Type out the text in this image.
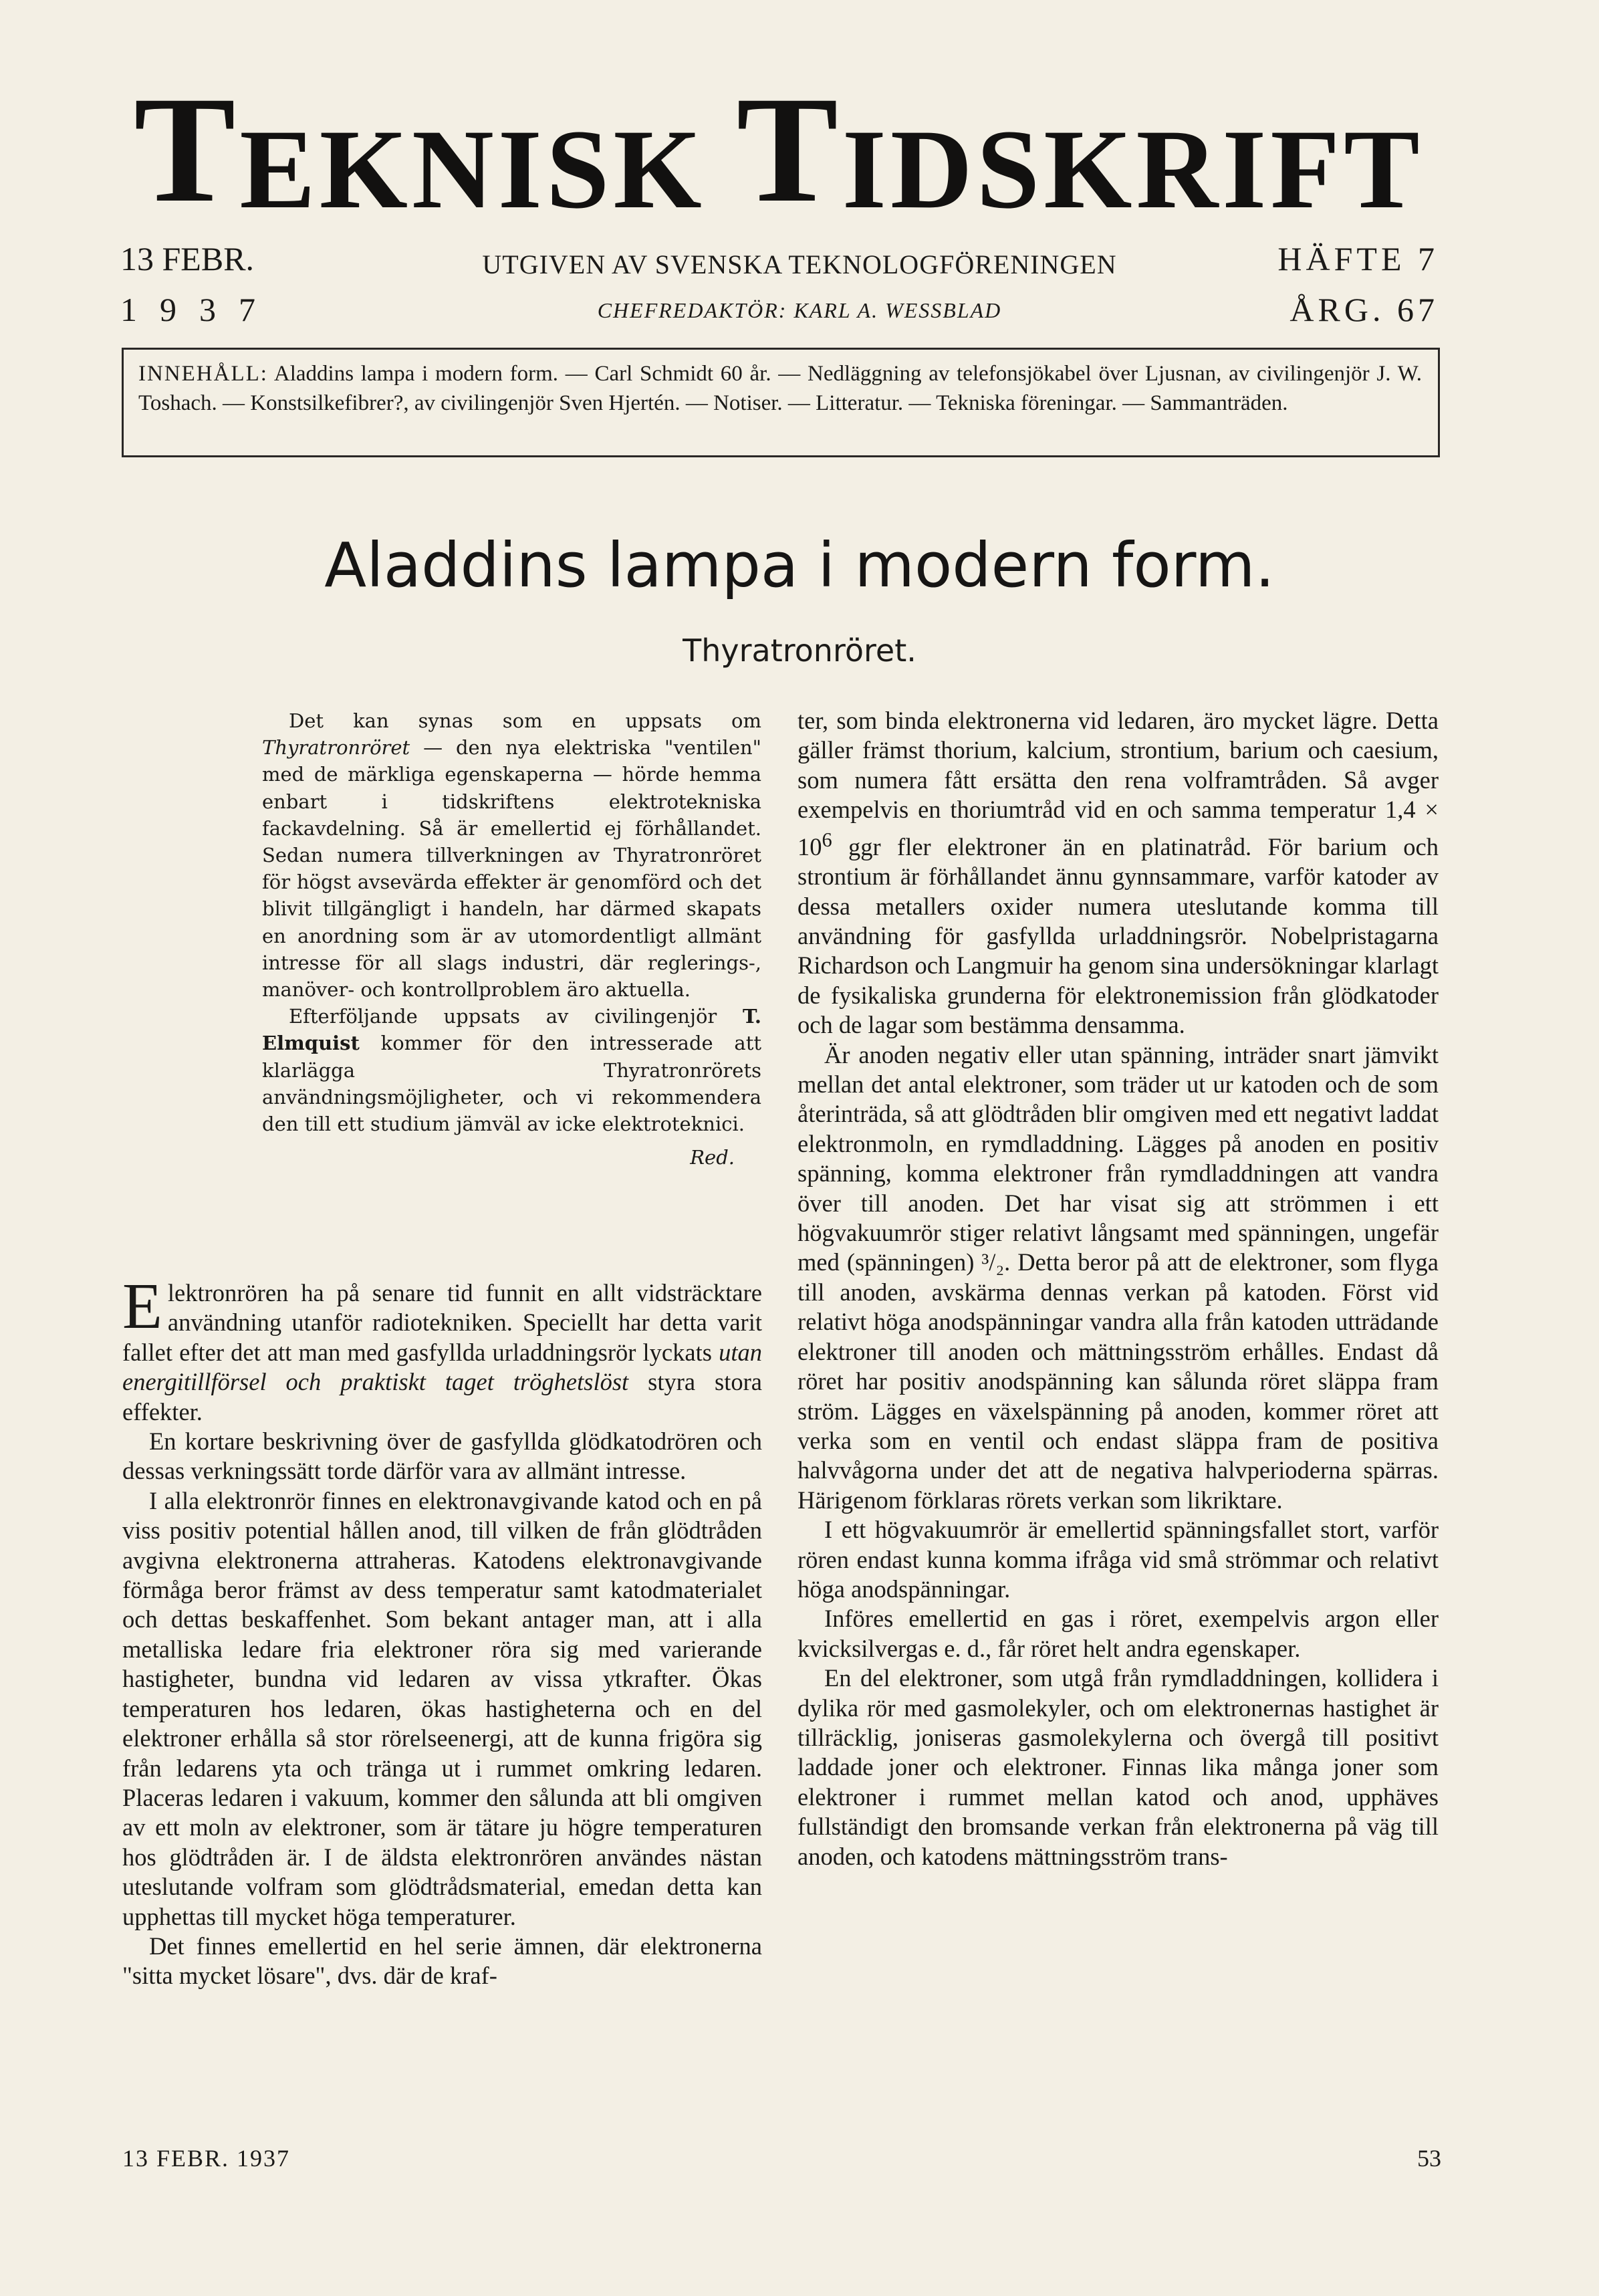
T EKNISK T IDSKRIFT
13 FEBR.
1937
UTGIVEN AV SVENSKA TEKNOLOGFÖRENINGEN
CHEFREDAKTÖR: KARL A. WESSBLAD
HÄFTE 7
ÅRG. 67
INNEHÅLL: Aladdins lampa i modern form. — Carl Schmidt 60 år. — Nedläggning av telefonsjökabel över Ljusnan, av civilingenjör J. W. Toshach. — Konstsilkefibrer?, av civilingenjör Sven Hjertén. — Notiser. — Litteratur. — Tekniska föreningar. — Sammanträden.
Aladdins lampa i modern form.
Thyratronröret.

Det kan synas som en uppsats om Thyratronröret — den nya elektriska "ventilen" med de märkliga egenskaperna — hörde hemma enbart i tidskriftens elektrotekniska fackavdelning. Så är emellertid ej förhållandet. Sedan numera tillverkningen av Thyratronröret för högst avsevärda effekter är genomförd och det blivit tillgängligt i handeln, har därmed skapats en anordning som är av utomordentligt allmänt intresse för all slags industri, där reglerings-, manöver- och kontrollproblem äro aktuella.

Efterföljande uppsats av civilingenjör T. Elmquist kommer för den intresserade att klarlägga Thyratronrörets användningsmöjligheter, och vi rekommendera den till ett studium jämväl av icke elektroteknici.

Red.

Elektronrören ha på senare tid funnit en allt vidsträcktare användning utanför radiotekniken. Speciellt har detta varit fallet efter det att man med gasfyllda urladdningsrör lyckats utan energitillförsel och praktiskt taget tröghetslöst styra stora effekter.

En kortare beskrivning över de gasfyllda glödkatodrören och dessas verkningssätt torde därför vara av allmänt intresse.

I alla elektronrör finnes en elektronavgivande katod och en på viss positiv potential hållen anod, till vilken de från glödtråden avgivna elektronerna attraheras. Katodens elektronavgivande förmåga beror främst av dess temperatur samt katodmaterialet och dettas beskaffenhet. Som bekant antager man, att i alla metalliska ledare fria elektroner röra sig med varierande hastigheter, bundna vid ledaren av vissa ytkrafter. Ökas temperaturen hos ledaren, ökas hastigheterna och en del elektroner erhålla så stor rörelseenergi, att de kunna frigöra sig från ledarens yta och tränga ut i rummet omkring ledaren. Placeras ledaren i vakuum, kommer den sålunda att bli omgiven av ett moln av elektroner, som är tätare ju högre temperaturen hos glödtråden är. I de äldsta elektronrören användes nästan uteslutande volfram som glödtrådsmaterial, emedan detta kan upphettas till mycket höga temperaturer.

Det finnes emellertid en hel serie ämnen, där elektronerna "sitta mycket lösare", dvs. där de kraf-

ter, som binda elektronerna vid ledaren, äro mycket lägre. Detta gäller främst thorium, kalcium, strontium, barium och caesium, som numera fått ersätta den rena volframtråden. Så avger exempelvis en thoriumtråd vid en och samma temperatur $1,4 \times 10^6$ ggr fler elektroner än en platinatråd. För barium och strontium är förhållandet ännu gynnsammare, varför katoder av dessa metallers oxider numera uteslutande komma till användning för gasfyllda urladdningsrör. Nobelpristagarna Richardson och Langmuir ha genom sina undersökningar klarlagt de fysikaliska grunderna för elektronemission från glödkatoder och de lagar som bestämma densamma.

Är anoden negativ eller utan spänning, inträder snart jämvikt mellan det antal elektroner, som träder ut ur katoden och de som återinträda, så att glödtråden blir omgiven med ett negativt laddat elektronmoln, en rymdladdning. Lägges på anoden en positiv spänning, komma elektroner från rymdladdningen att vandra över till anoden. Det har visat sig att strömmen i ett högvakuumrör stiger relativt långsamt med spänningen, ungefär med (spänningen) ³/₂. Detta beror på att de elektroner, som flyga till anoden, avskärma dennas verkan på katoden. Först vid relativt höga anodspänningar vandra alla från katoden utträdande elektroner till anoden och mättningsström erhålles. Endast då röret har positiv anodspänning kan sålunda röret släppa fram ström. Lägges en växelspänning på anoden, kommer röret att verka som en ventil och endast släppa fram de positiva halvvågorna under det att de negativa halvperioderna spärras. Härigenom förklaras rörets verkan som likriktare.

I ett högvakuumrör är emellertid spänningsfallet stort, varför rören endast kunna komma ifråga vid små strömmar och relativt höga anodspänningar.

Införes emellertid en gas i röret, exempelvis argon eller kvicksilvergas e. d., får röret helt andra egenskaper.

En del elektroner, som utgå från rymdladdningen, kollidera i dylika rör med gasmolekyler, och om elektronernas hastighet är tillräcklig, joniseras gasmolekylerna och övergå till positivt laddade joner och elektroner. Finnas lika många joner som elektroner i rummet mellan katod och anod, upphäves fullständigt den bromsande verkan från elektronerna på väg till anoden, och katodens mättningsström trans-

13 FEBR. 1937	53
